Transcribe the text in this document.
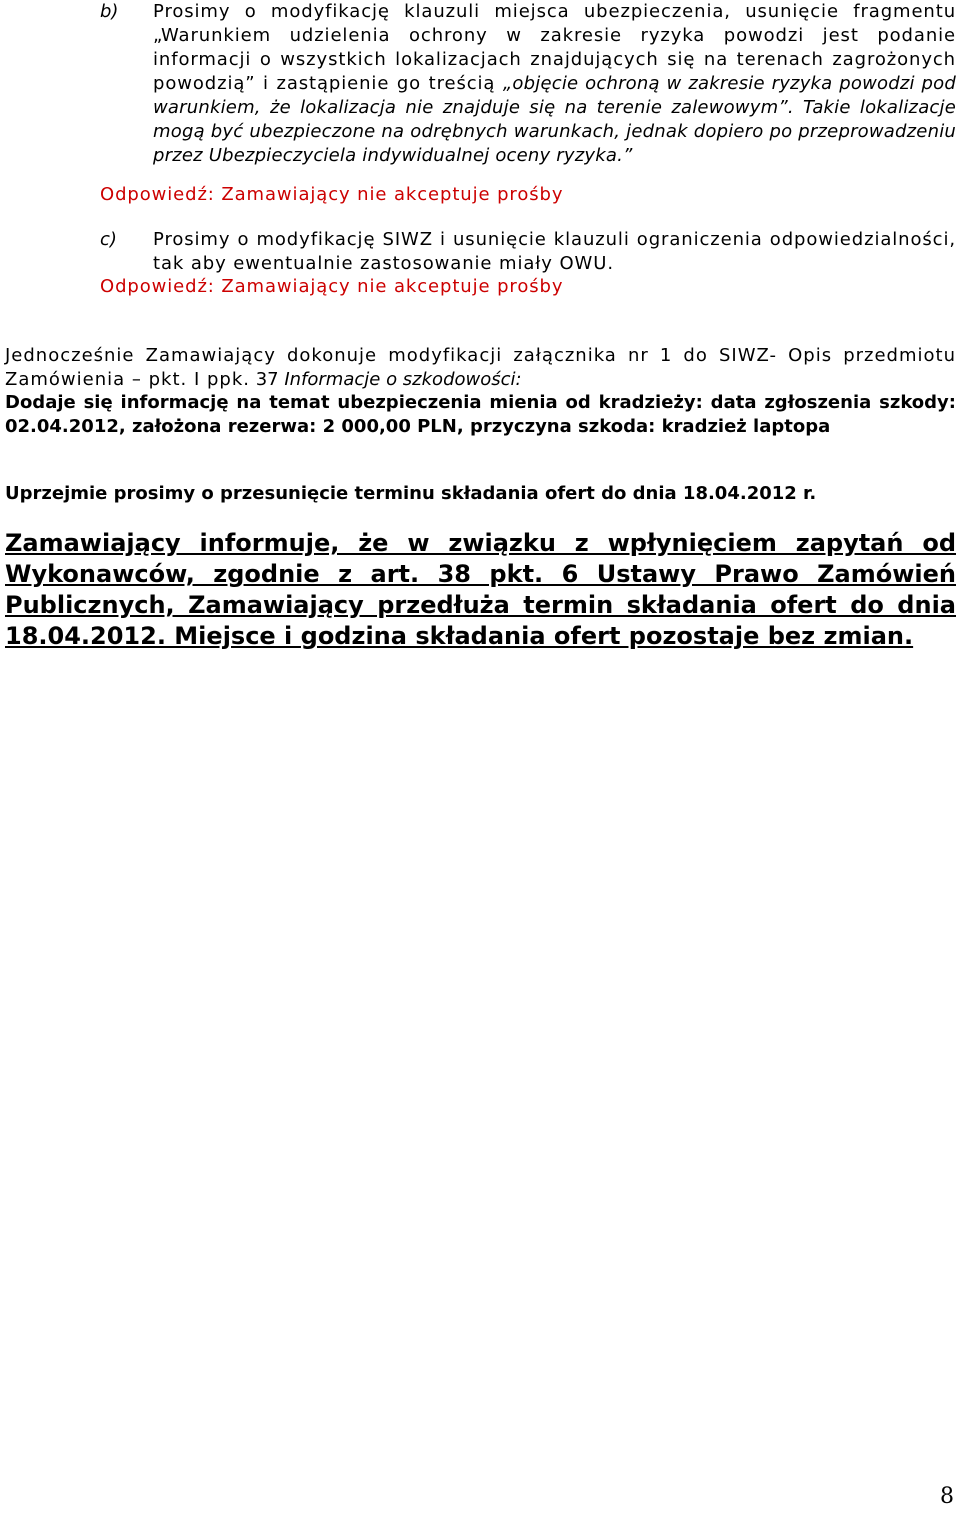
b) Prosimy o modyfikację klauzuli miejsca ubezpieczenia, usunięcie fragmentu „Warunkiem udzielenia ochrony w zakresie ryzyka powodzi jest podanie informacji o wszystkich lokalizacjach znajdujących się na terenach zagrożonych powodzią” i zastąpienie go treścią „objęcie ochroną w zakresie ryzyka powodzi pod warunkiem, że lokalizacja nie znajduje się na terenie zalewowym”. Takie lokalizacje mogą być ubezpieczone na odrębnych warunkach, jednak dopiero po przeprowadzeniu przez Ubezpieczyciela indywidualnej oceny ryzyka.”
Odpowiedź: Zamawiający nie akceptuje prośby
c) Prosimy o modyfikację SIWZ i usunięcie klauzuli ograniczenia odpowiedzialności, tak aby ewentualnie zastosowanie miały OWU.
Odpowiedź: Zamawiający nie akceptuje prośby
Jednocześnie Zamawiający dokonuje modyfikacji załącznika nr 1 do SIWZ- Opis przedmiotu Zamówienia – pkt. I ppk. 37 Informacje o szkodowości:
Dodaje się informację na temat ubezpieczenia mienia od kradzieży: data zgłoszenia szkody: 02.04.2012, założona rezerwa: 2 000,00 PLN, przyczyna szkoda: kradzież laptopa
Uprzejmie prosimy o przesunięcie terminu składania ofert do dnia 18.04.2012 r.
Zamawiający informuje, że w związku z wpłynięciem zapytań od Wykonawców, zgodnie z art. 38 pkt. 6 Ustawy Prawo Zamówień Publicznych, Zamawiający przedłuża termin składania ofert do dnia 18.04.2012. Miejsce i godzina składania ofert pozostaje bez zmian.
8
